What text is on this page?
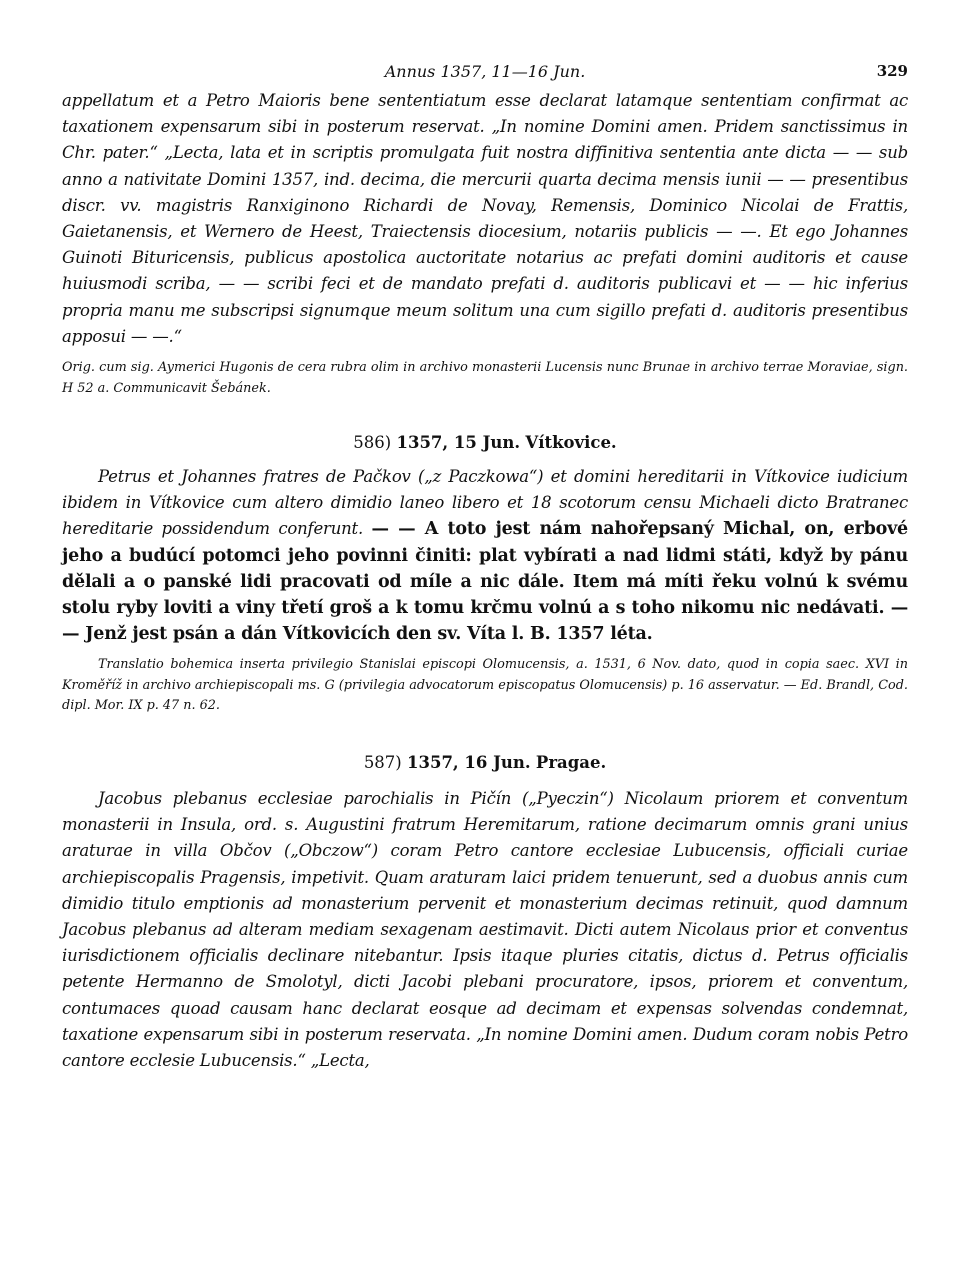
Annus 1357, 11—16 Jun.	329

appellatum et a Petro Maioris bene sententiatum esse declarat latamque sententiam confirmat ac taxationem expensarum sibi in posterum reservat. „In nomine Domini amen. Pridem sanctissimus in Chr. pater.“ „Lecta, lata et in scriptis promulgata fuit nostra diffinitiva sententia ante dicta — — sub anno a nativitate Domini 1357, ind. decima, die mercurii quarta decima mensis iunii — — presentibus discr. vv. magistris Ranxiginono Richardi de Novay, Remensis, Dominico Nicolai de Frattis, Gaietanensis, et Wernero de Heest, Traiectensis diocesium, notariis publicis — —. Et ego Johannes Guinoti Bituricensis, publicus apostolica auctoritate notarius ac prefati domini auditoris et cause huiusmodi scriba, — — scribi feci et de mandato prefati d. auditoris publicavi et — — hic inferius propria manu me subscripsi signumque meum solitum una cum sigillo prefati d. auditoris presentibus apposui — —.“

Orig. cum sig. Aymerici Hugonis de cera rubra olim in archivo monasterii Lucensis nunc Brunae in archivo terrae Moraviae, sign. H 52 a. Communicavit Šebánek.

586) 1357, 15 Jun. Vítkovice.

Petrus et Johannes fratres de Pačkov („z Paczkowa“) et domini hereditarii in Vítkovice iudicium ibidem in Vítkovice cum altero dimidio laneo libero et 18 scotorum censu Michaeli dicto Bratranec hereditarie possidendum conferunt. — — A toto jest nám nahořepsaný Michal, on, erbové jeho a budúcí potomci jeho povinni činiti: plat vybírati a nad lidmi státi, když by pánu dělali a o panské lidi pracovati od míle a nic dále. Item má míti řeku volnú k svému stolu ryby loviti a viny třetí groš a k tomu krčmu volnú a s toho nikomu nic nedávati. — — Jenž jest psán a dán Vítkovicích den sv. Víta l. B. 1357 léta.

Translatio bohemica inserta privilegio Stanislai episcopi Olomucensis, a. 1531, 6 Nov. dato, quod in copia saec. XVI in Kroměříž in archivo archiepiscopali ms. G (privilegia advocatorum episcopatus Olomucensis) p. 16 asservatur. — Ed. Brandl, Cod. dipl. Mor. IX p. 47 n. 62.

587) 1357, 16 Jun. Pragae.

Jacobus plebanus ecclesiae parochialis in Pičín („Pyeczin“) Nicolaum priorem et conventum monasterii in Insula, ord. s. Augustini fratrum Heremitarum, ratione decimarum omnis grani unius araturae in villa Občov („Obczow“) coram Petro cantore ecclesiae Lubucensis, officiali curiae archiepiscopalis Pragensis, impetivit. Quam araturam laici pridem tenuerunt, sed a duobus annis cum dimidio titulo emptionis ad monasterium pervenit et monasterium decimas retinuit, quod damnum Jacobus plebanus ad alteram mediam sexagenam aestimavit. Dicti autem Nicolaus prior et conventus iurisdictionem officialis declinare nitebantur. Ipsis itaque pluries citatis, dictus d. Petrus officialis petente Hermanno de Smolotyl, dicti Jacobi plebani procuratore, ipsos, priorem et conventum, contumaces quoad causam hanc declarat eosque ad decimam et expensas solvendas condemnat, taxatione expensarum sibi in posterum reservata. „In nomine Domini amen. Dudum coram nobis Petro cantore ecclesie Lubucensis.“ „Lecta,
